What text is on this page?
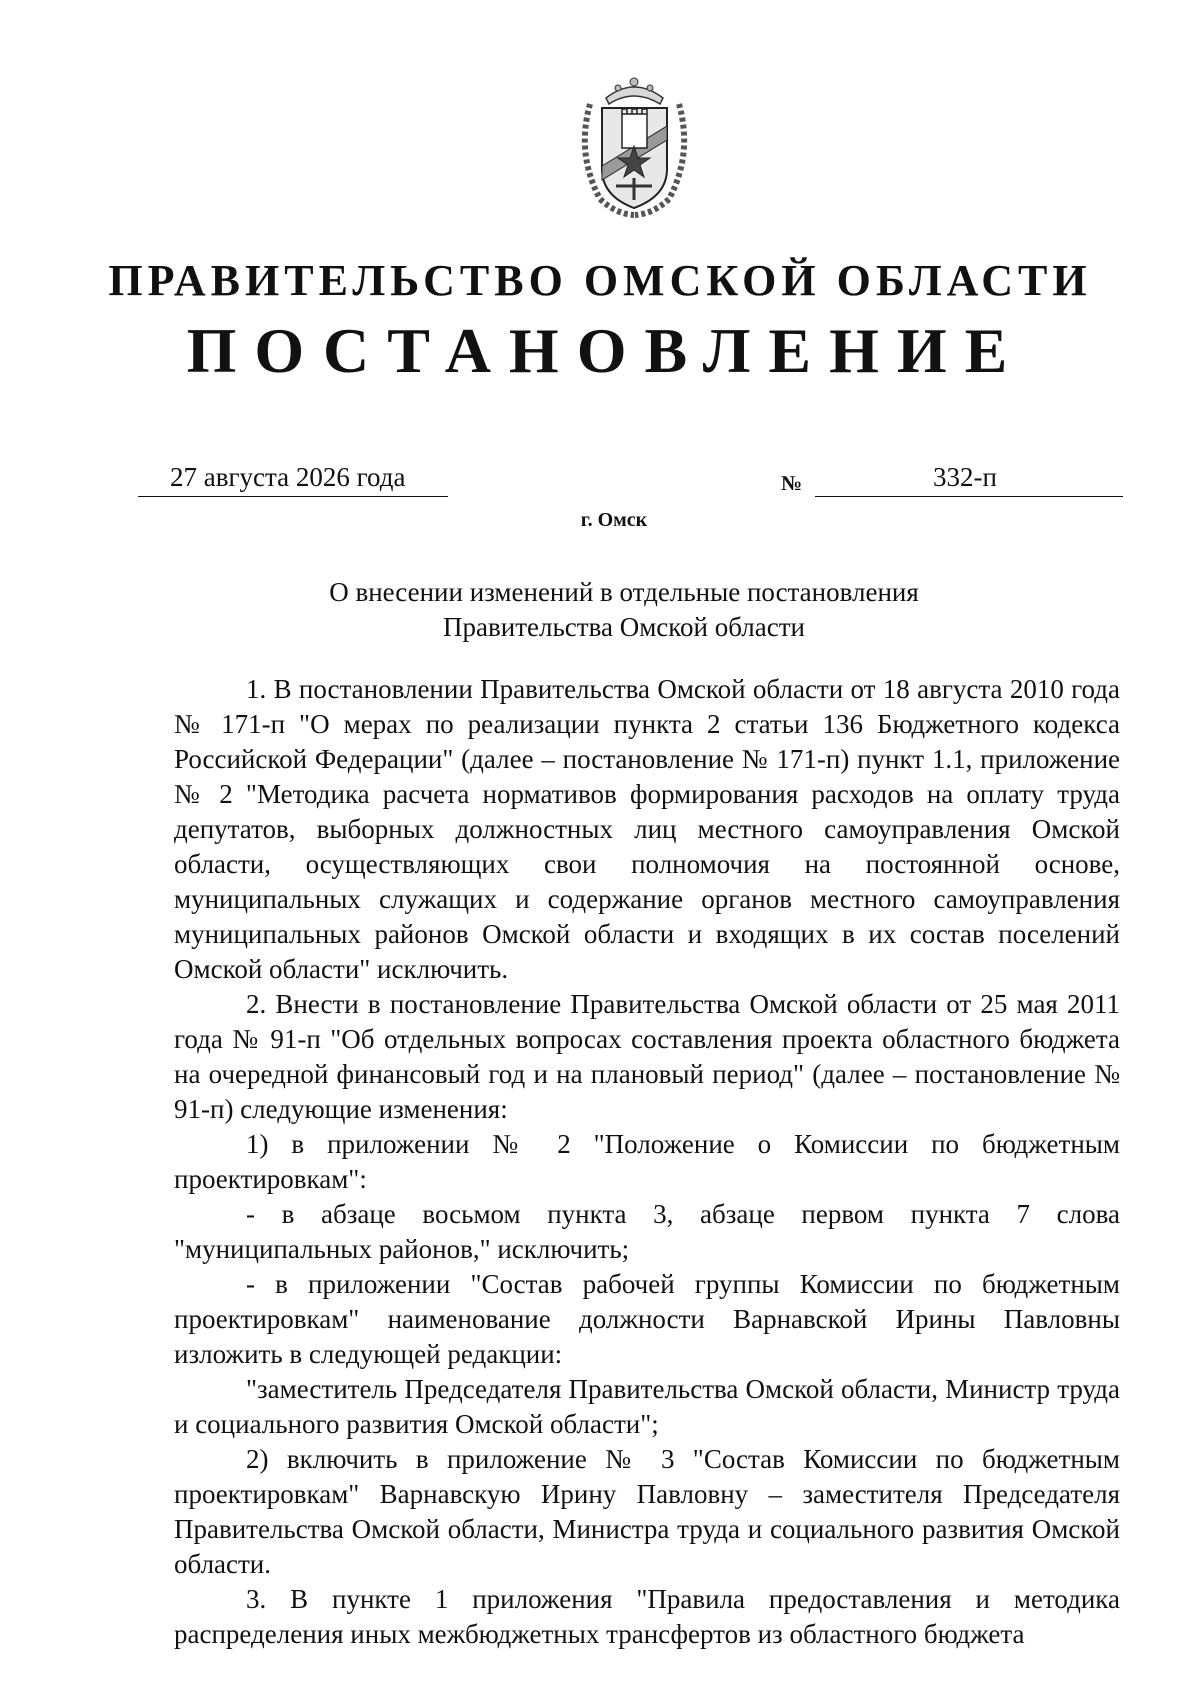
ПРАВИТЕЛЬСТВО ОМСКОЙ ОБЛАСТИ
ПОСТАНОВЛЕНИЕ
27 августа 2026 года	№	332-п
г. Омск
О внесении изменений в отдельные постановления
Правительства Омской области

1. В постановлении Правительства Омской области от 18 августа 2010 года № 171-п "О мерах по реализации пункта 2 статьи 136 Бюджетного кодекса Российской Федерации" (далее – постановление № 171-п) пункт 1.1, приложение № 2 "Методика расчета нормативов формирования расходов на оплату труда депутатов, выборных должностных лиц местного самоуправления Омской области, осуществляющих свои полномочия на постоянной основе, муниципальных служащих и содержание органов местного самоуправления муниципальных районов Омской области и входящих в их состав поселений Омской области" исключить.

2. Внести в постановление Правительства Омской области от 25 мая 2011 года № 91-п "Об отдельных вопросах составления проекта областного бюджета на очередной финансовый год и на плановый период" (далее – постановление № 91-п) следующие изменения:

1) в приложении № 2 "Положение о Комиссии по бюджетным проектировкам":

- в абзаце восьмом пункта 3, абзаце первом пункта 7 слова "муниципальных районов," исключить;

- в приложении "Состав рабочей группы Комиссии по бюджетным проектировкам" наименование должности Варнавской Ирины Павловны изложить в следующей редакции:

"заместитель Председателя Правительства Омской области, Министр труда и социального развития Омской области";

2) включить в приложение № 3 "Состав Комиссии по бюджетным проектировкам" Варнавскую Ирину Павловну – заместителя Председателя Правительства Омской области, Министра труда и социального развития Омской области.

3. В пункте 1 приложения "Правила предоставления и методика распределения иных межбюджетных трансфертов из областного бюджета
